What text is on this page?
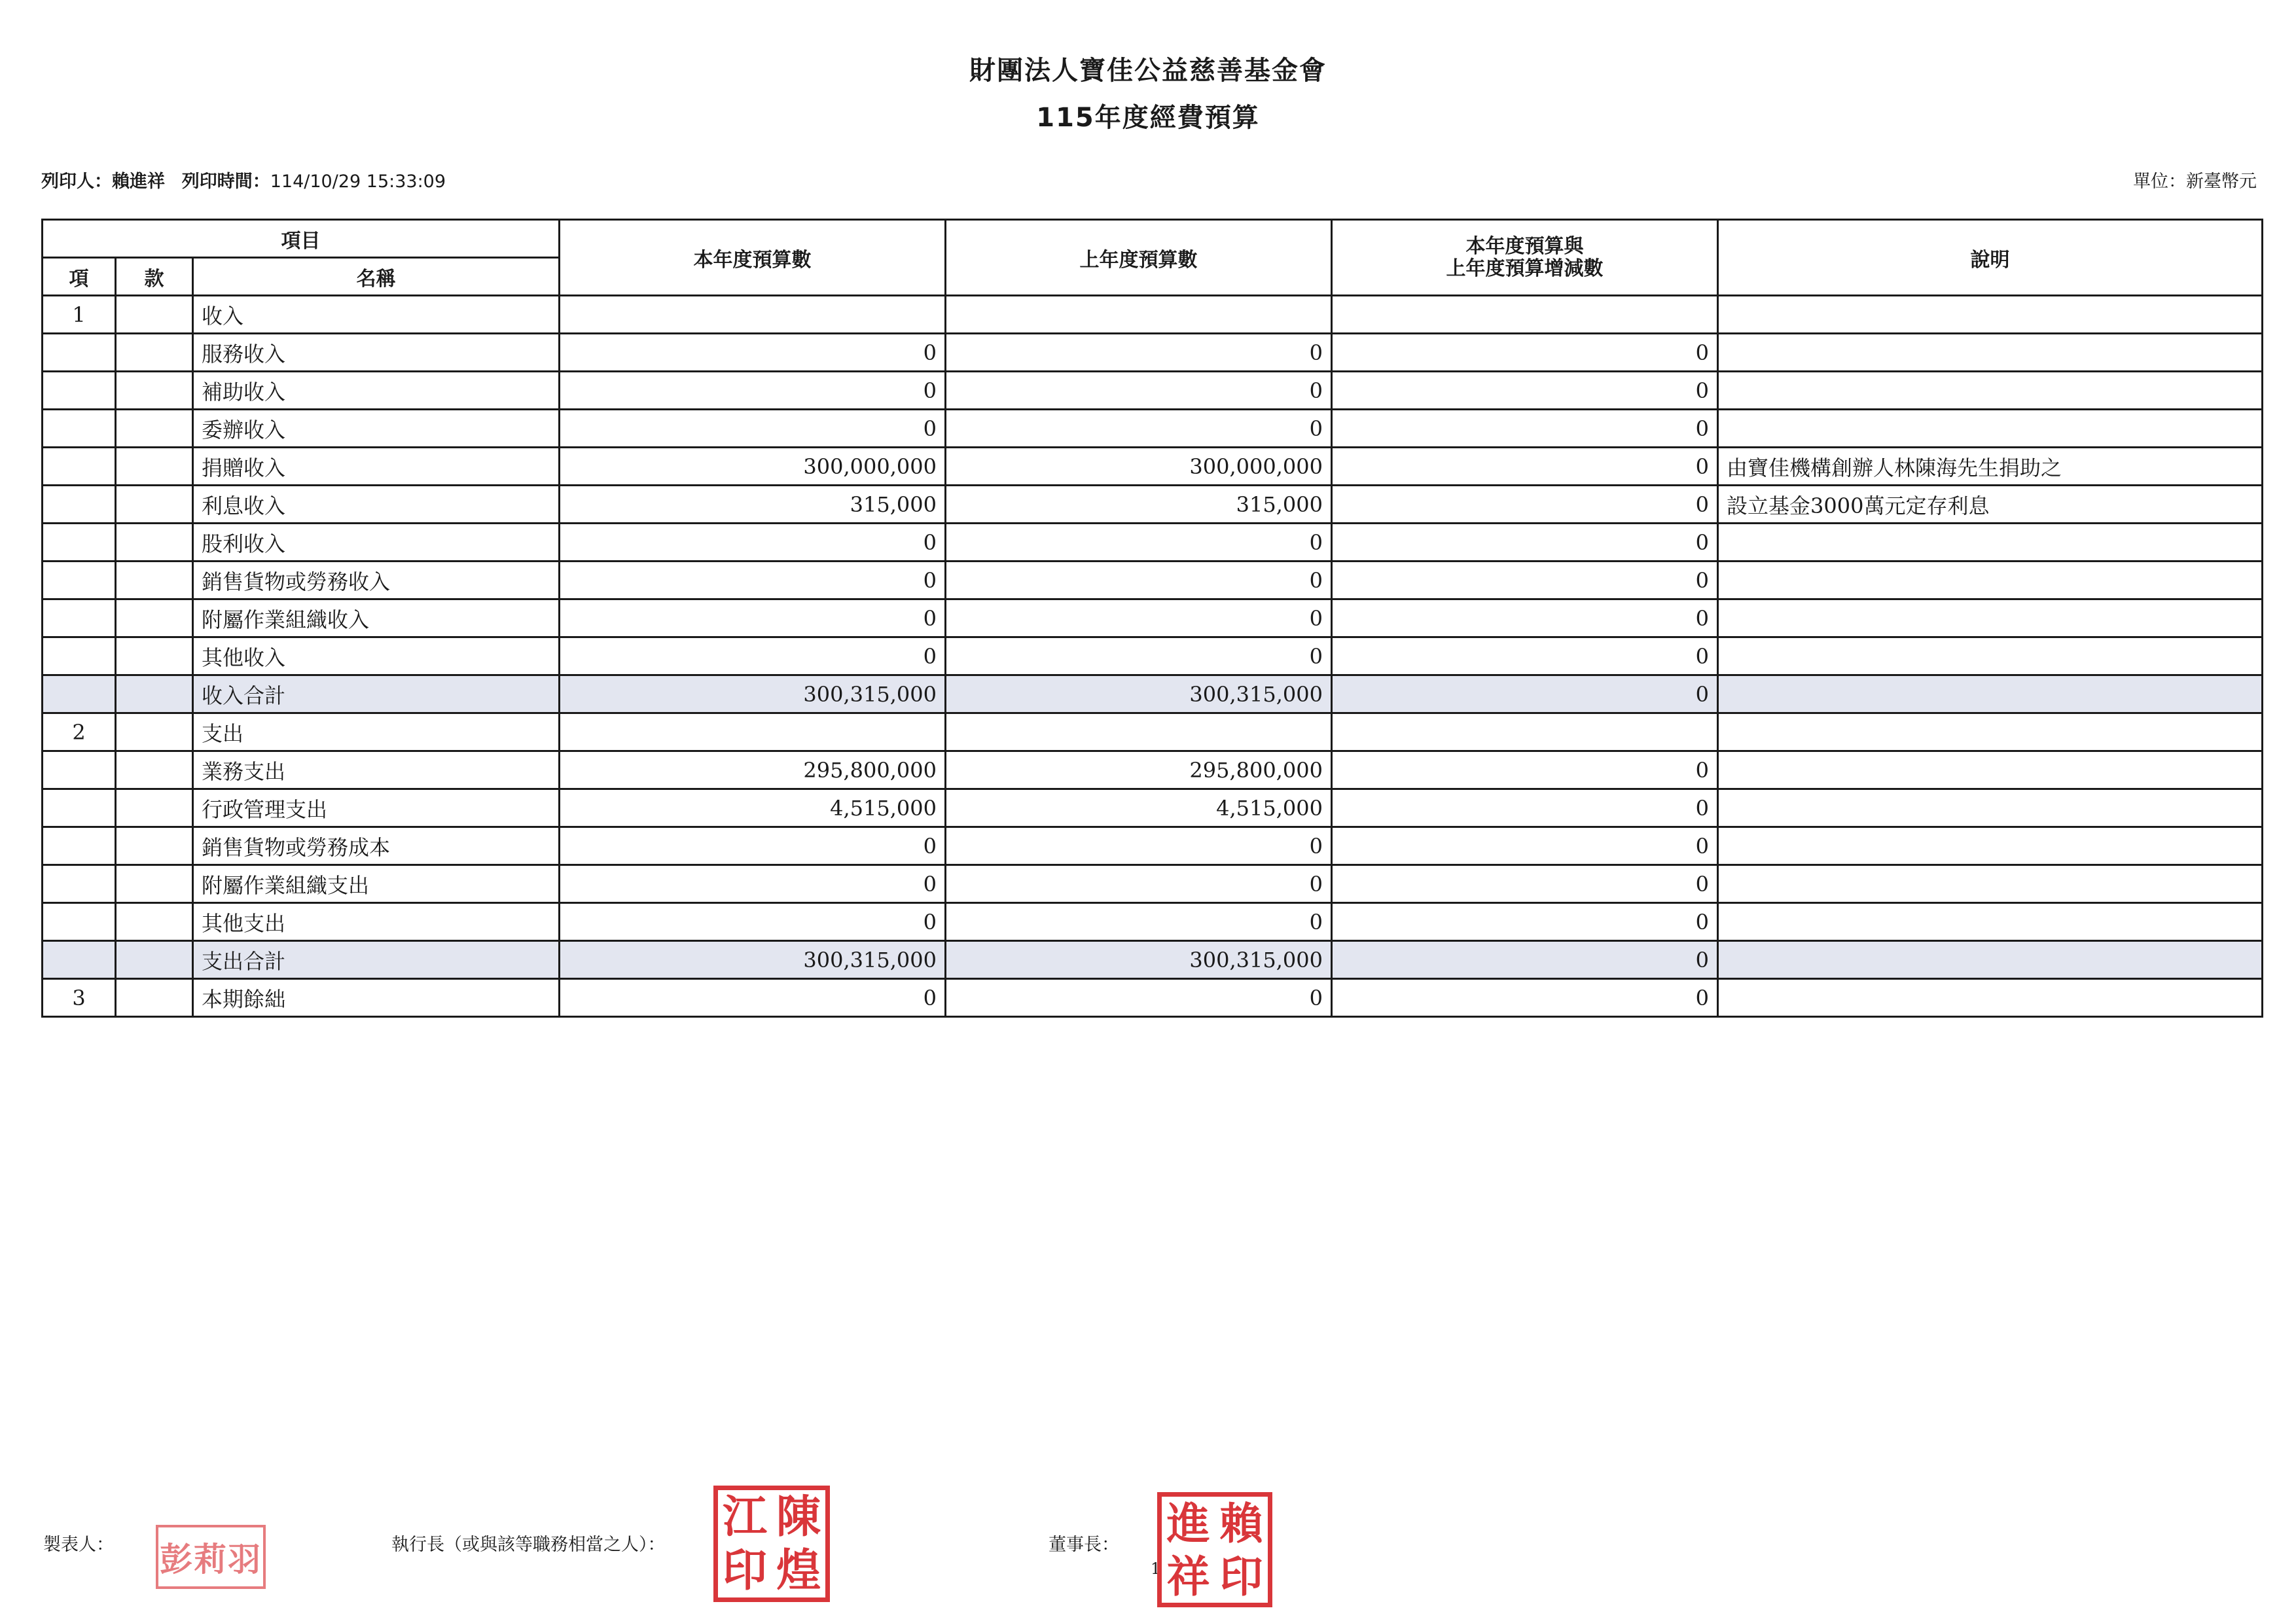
財團法人寶佳公益慈善基金會
115年度經費預算
列印人：賴進祥 列印時間：114/10/29 15:33:09	單位：新臺幣元
項目			本年度預算數	上年度預算數	本年度預算與
上年度預算增減數	說明
項	款	名稱				
1		收入				
		服務收入	0	0	0	
		補助收入	0	0	0	
		委辦收入	0	0	0	
		捐贈收入	300,000,000	300,000,000	0	由寶佳機構創辦人林陳海先生捐助之
		利息收入	315,000	315,000	0	設立基金3000萬元定存利息
		股利收入	0	0	0	
		銷售貨物或勞務收入	0	0	0	
		附屬作業組織收入	0	0	0	
		其他收入	0	0	0	
		收入合計	300,315,000	300,315,000	0	
2		支出				
		業務支出	295,800,000	295,800,000	0	
		行政管理支出	4,515,000	4,515,000	0	
		銷售貨物或勞務成本	0	0	0	
		附屬作業組織支出	0	0	0	
		其他支出	0	0	0	
		支出合計	300,315,000	300,315,000	0	
3		本期餘絀	0	0	0	
製表人： 彭莉羽	執行長（或與該等職務相當之人）：
江 陳
印 煌	董事長：
1
進 賴
祥 印
